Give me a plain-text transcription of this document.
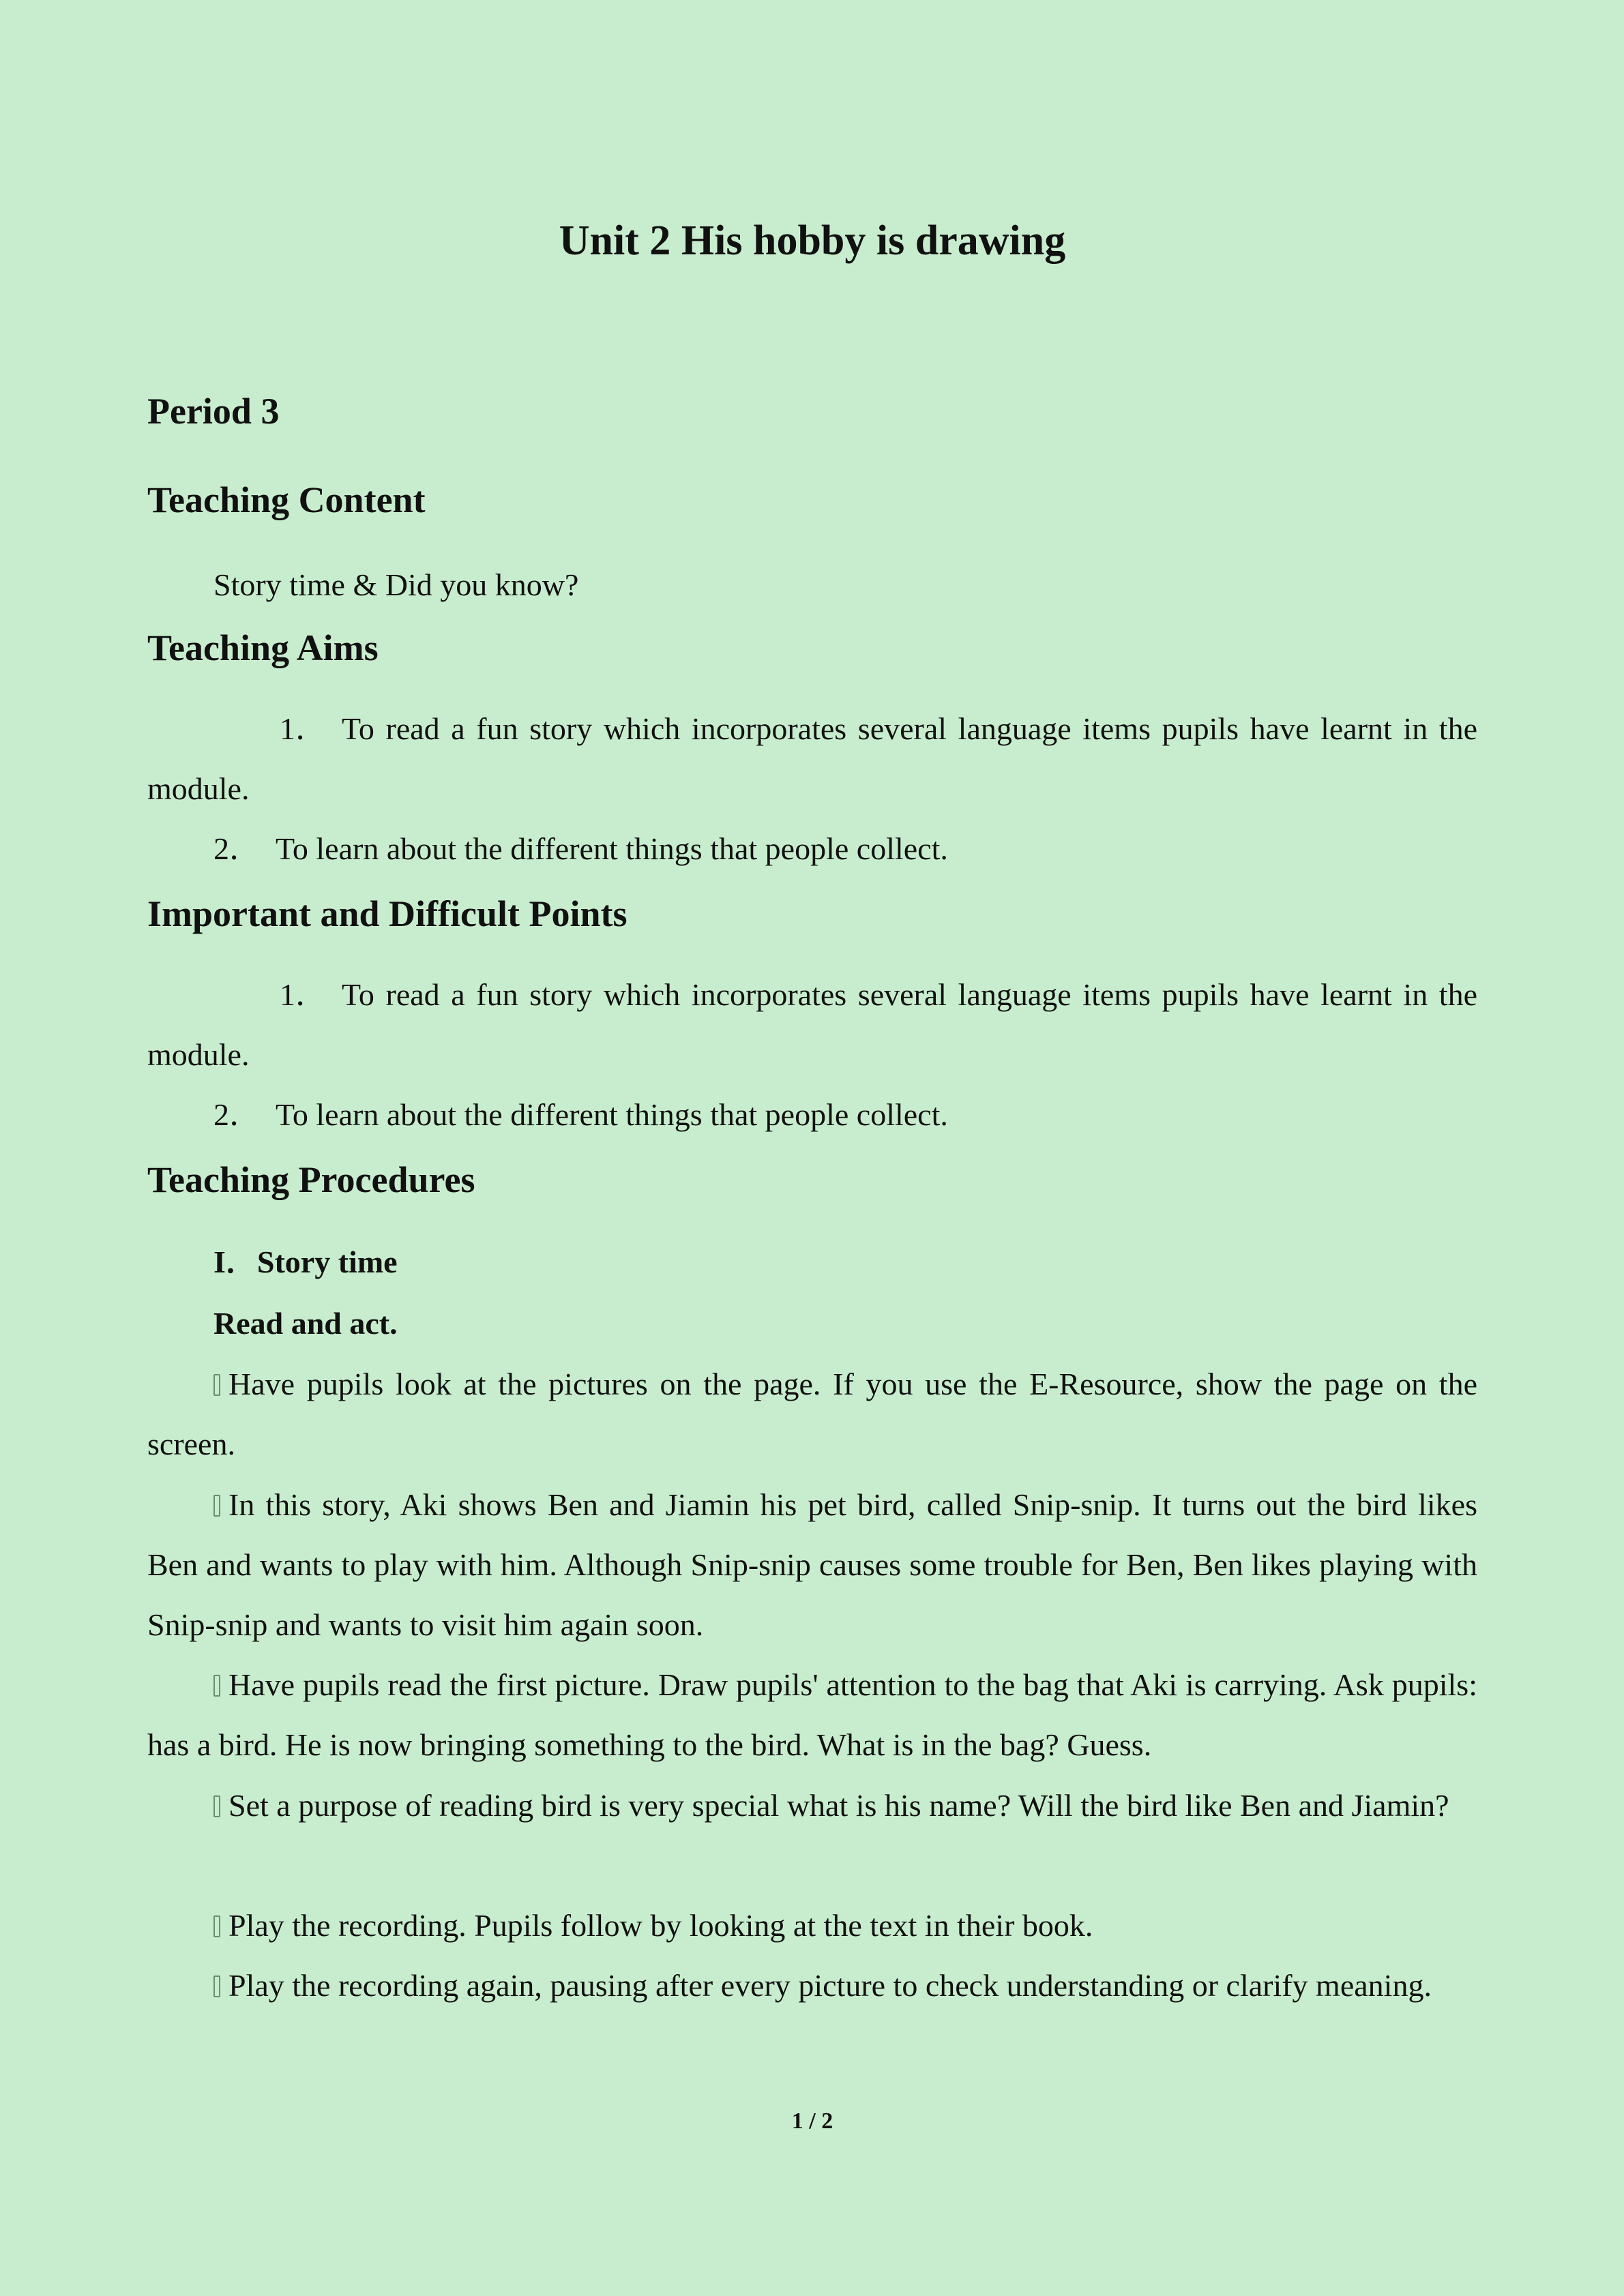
Unit 2 His hobby is drawing
Period 3
Teaching Content

Story time & Did you know?

Teaching Aims

1． To read a fun story which incorporates several language items pupils have learnt in the module.

2． To learn about the different things that people collect.

Important and Difficult Points

1． To read a fun story which incorporates several language items pupils have learnt in the module.

2． To learn about the different things that people collect.

Teaching Procedures
I．Story time
Read and act.

Have pupils look at the pictures on the page. If you use the E-Resource, show the page on the screen.

In this story, Aki shows Ben and Jiamin his pet bird, called Snip-snip. It turns out the bird likes Ben and wants to play with him. Although Snip-snip causes some trouble for Ben, Ben likes playing with Snip-snip and wants to visit him again soon.

Have pupils read the first picture. Draw pupils' attention to the bag that Aki is carrying. Ask pupils: has a bird. He is now bringing something to the bird. What is in the bag? Guess.

Set a purpose of reading bird is very special what is his name? Will the bird like Ben and Jiamin?

Play the recording. Pupils follow by looking at the text in their book.

Play the recording again, pausing after every picture to check understanding or clarify meaning.

1 / 2
